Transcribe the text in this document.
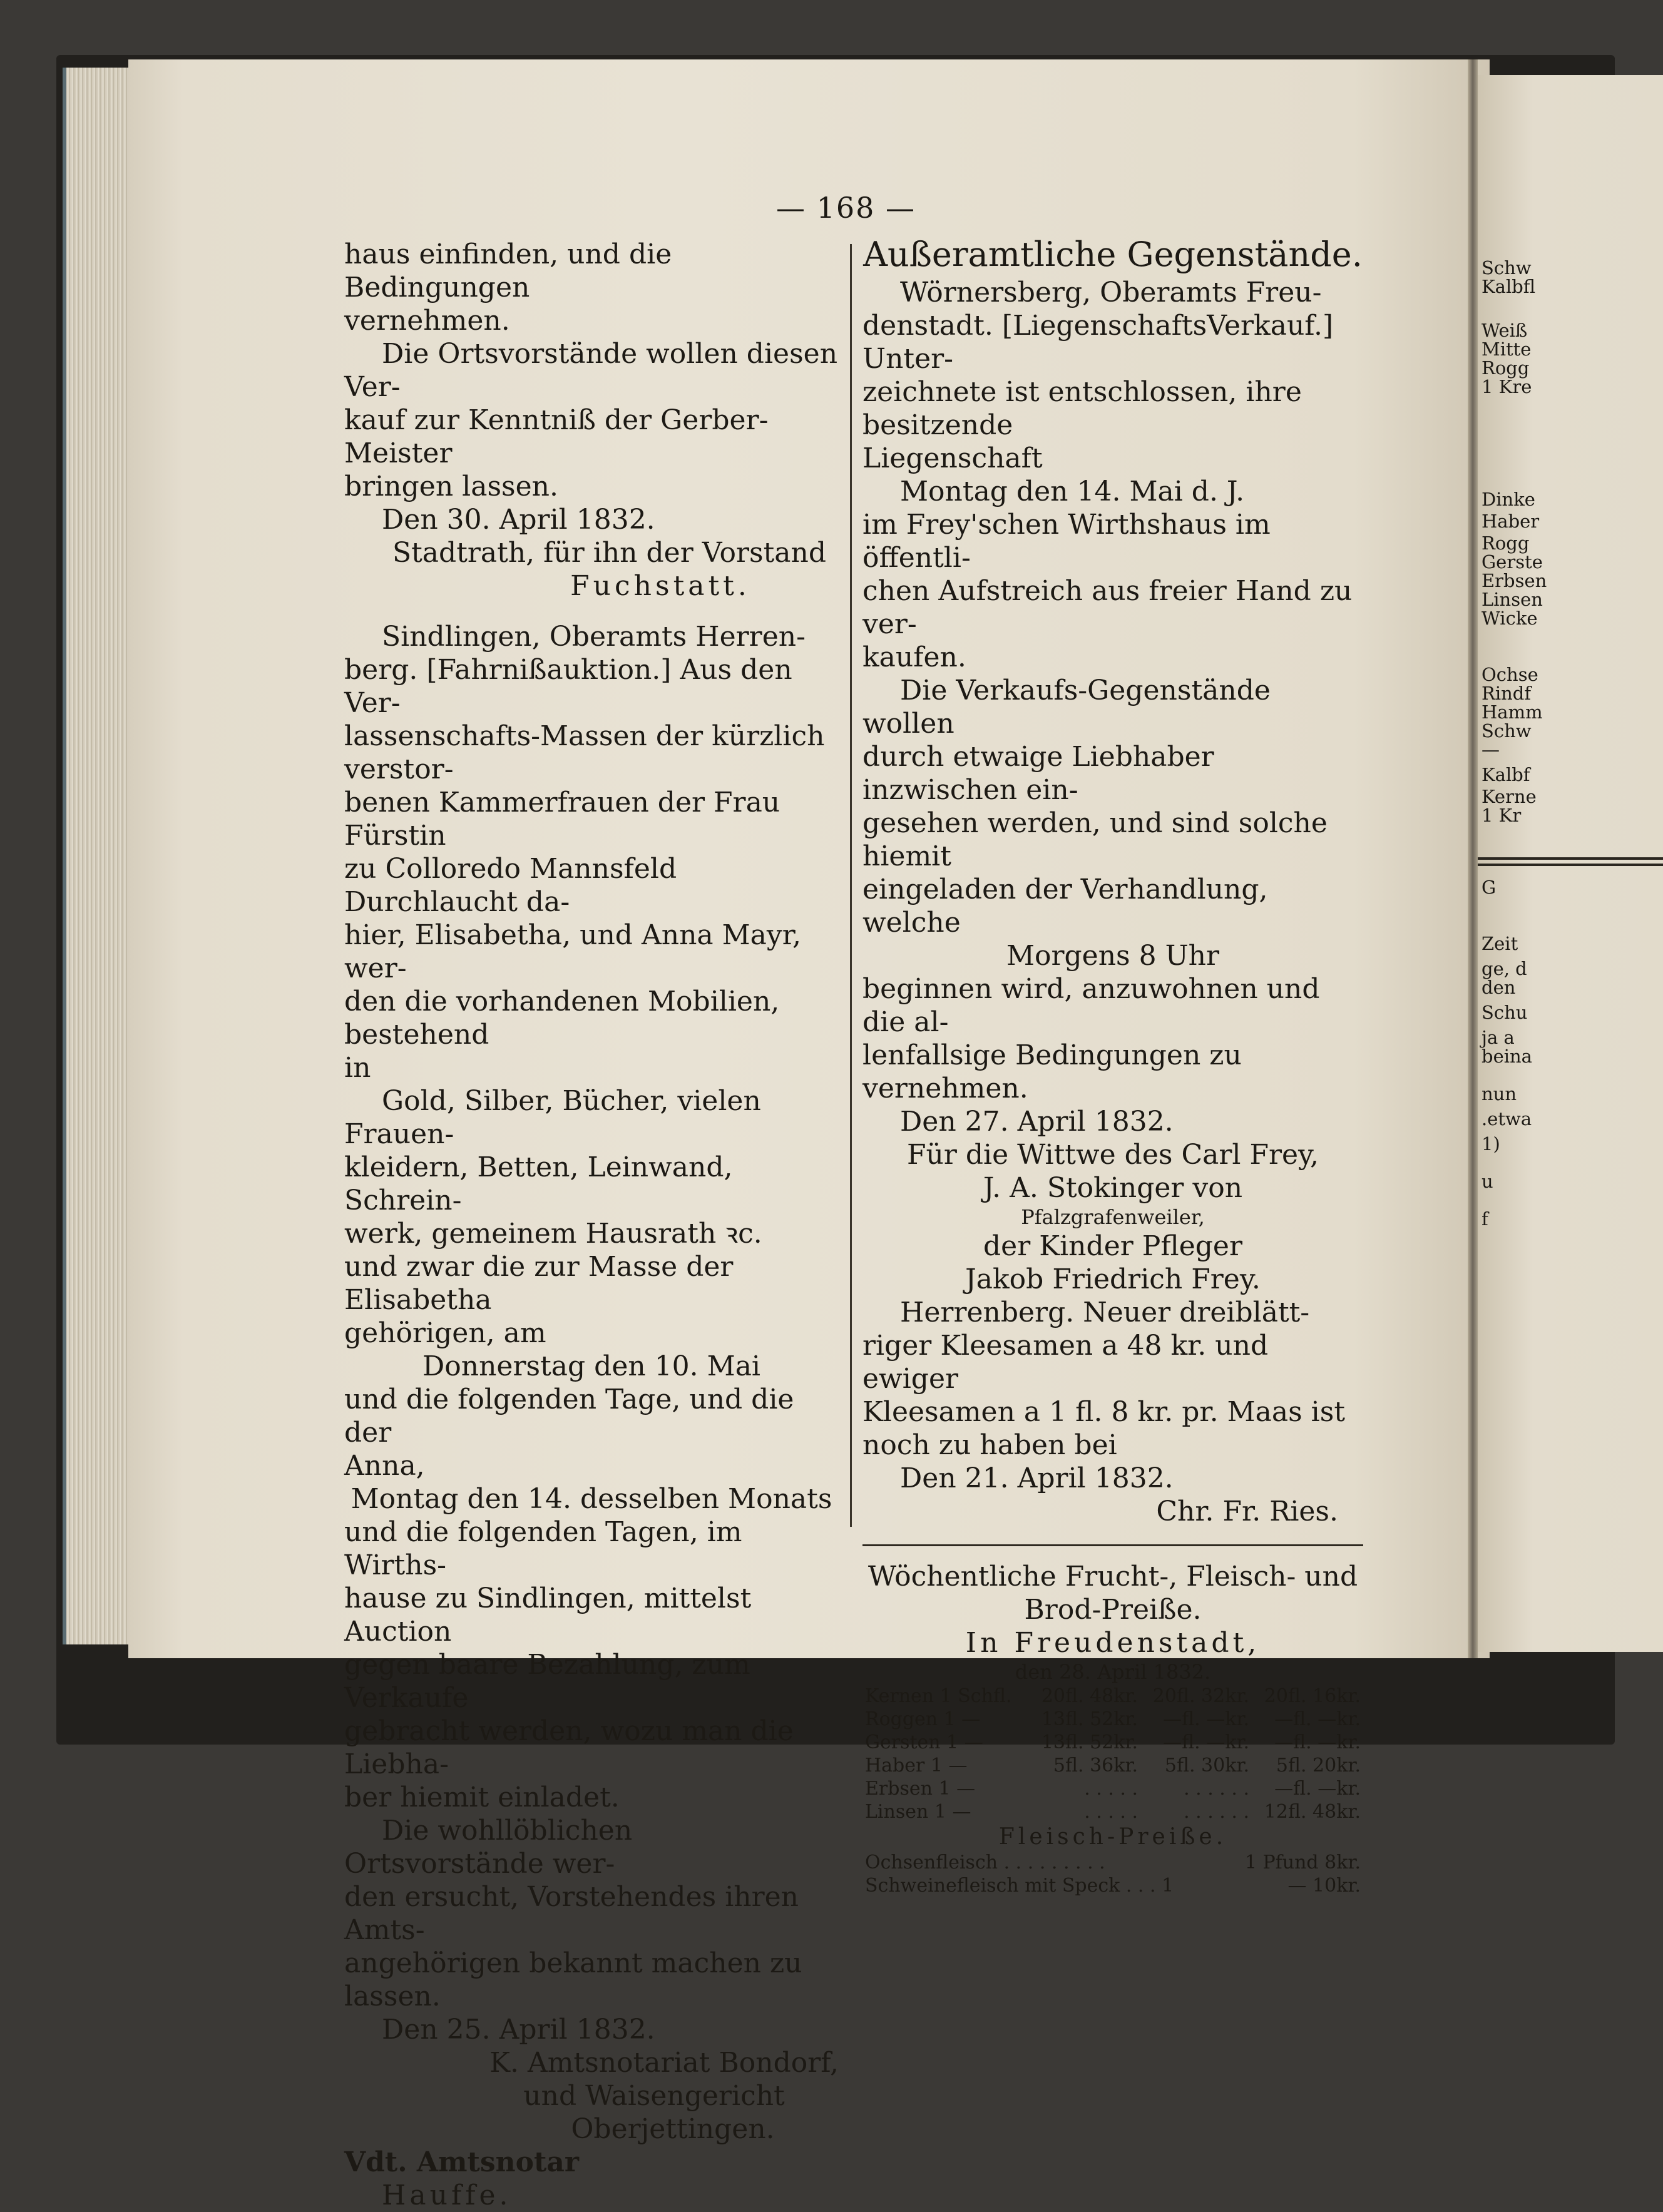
Schw
Kalbfl
Weiß
Mitte
Rogg
1 Kre
Dinke
Haber
Rogg
Gerste
Erbsen
Linsen
Wicke
Ochse
Rindf
Hamm
Schw
—
Kalbf
Kerne
1 Kr
G
Zeit
ge, d
den
Schu
ja a
beina
nun
.etwa
1)
u
f
— 168 —

haus einfinden, und die Bedingungen

vernehmen.

Die Ortsvorstände wollen diesen Ver-

kauf zur Kenntniß der Gerber-Meister

bringen lassen.

Den 30. April 1832.

Stadtrath, für ihn der Vorstand

Fuchstatt.

Sindlingen, Oberamts Herren-

berg. [Fahrnißauktion.] Aus den Ver-

lassenschafts-Massen der kürzlich verstor-

benen Kammerfrauen der Frau Fürstin

zu Colloredo Mannsfeld Durchlaucht da-

hier, Elisabetha, und Anna Mayr, wer-

den die vorhandenen Mobilien, bestehend

in

Gold, Silber, Bücher, vielen Frauen-

kleidern, Betten, Leinwand, Schrein-

werk, gemeinem Hausrath ꝛc.

und zwar die zur Masse der Elisabetha

gehörigen, am

Donnerstag den 10. Mai

und die folgenden Tage, und die der

Anna,

Montag den 14. desselben Monats

und die folgenden Tagen, im Wirths-

hause zu Sindlingen, mittelst Auction

gegen baare Bezahlung, zum Verkaufe

gebracht werden, wozu man die Liebha-

ber hiemit einladet.

Die wohllöblichen Ortsvorstände wer-

den ersucht, Vorstehendes ihren Amts-

angehörigen bekannt machen zu lassen.

Den 25. April 1832.

K. Amtsnotariat Bondorf,

und Waisengericht

Oberjettingen.

Vdt. Amtsnotar

Hauffe.

Außeramtliche Gegenstände.

Wörnersberg, Oberamts Freu-

denstadt. [LiegenschaftsVerkauf.] Unter-

zeichnete ist entschlossen, ihre besitzende

Liegenschaft

Montag den 14. Mai d. J.

im Frey'schen Wirthshaus im öffentli-

chen Aufstreich aus freier Hand zu ver-

kaufen.

Die Verkaufs-Gegenstände wollen

durch etwaige Liebhaber inzwischen ein-

gesehen werden, und sind solche hiemit

eingeladen der Verhandlung, welche

Morgens 8 Uhr

beginnen wird, anzuwohnen und die al-

lenfallsige Bedingungen zu vernehmen.

Den 27. April 1832.

Für die Wittwe des Carl Frey,

J. A. Stokinger von

Pfalzgrafenweiler,

der Kinder Pfleger

Jakob Friedrich Frey.

Herrenberg. Neuer dreiblätt-

riger Kleesamen a 48 kr. und ewiger

Kleesamen a 1 fl. 8 kr. pr. Maas ist

noch zu haben bei

Den 21. April 1832.

Chr. Fr. Ries.

Wöchentliche Frucht-, Fleisch- und

Brod-Preiße.

In Freudenstadt,

den 28. April 1832.

Kernen 1 Schfl.	20fl. 48kr.	20fl. 32kr.	20fl. 16kr.
Roggen 1 —	13fl. 52kr.	—fl. —kr.	—fl. —kr.
Gersten 1 —	13fl. 52kr.	—fl. —kr.	—fl. —kr.
Haber 1 —	5fl. 36kr.	5fl. 30kr.	5fl. 20kr.
Erbsen 1 —	. . . . .	. . . . . .	—fl. —kr.
Linsen 1 —	. . . . .	. . . . . .	12fl. 48kr.

Fleisch-Preiße.

Ochsenfleisch . . . . . . . . .	1 Pfund 8kr.
Schweinefleisch mit Speck . . . 1	— 10kr.
